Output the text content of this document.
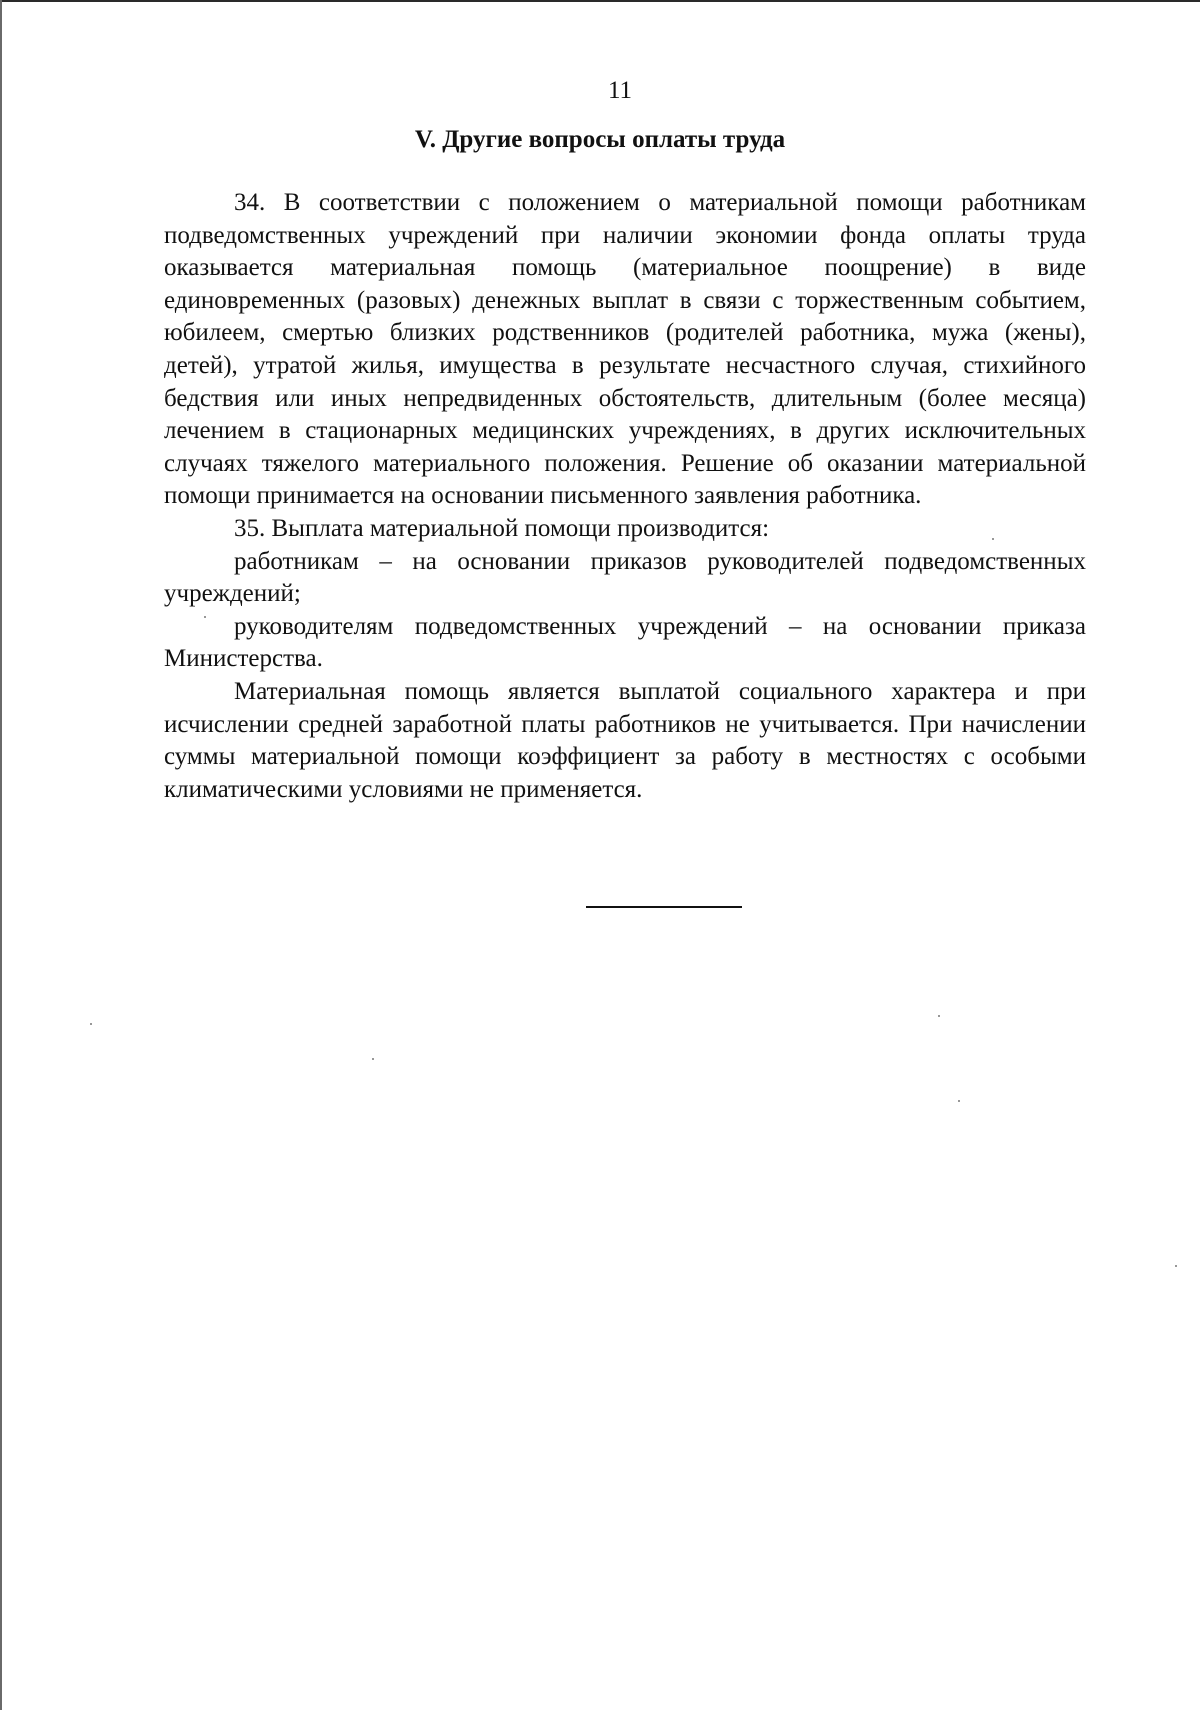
11
V. Другие вопросы оплаты труда

34. В соответствии с положением о материальной помощи работникам подведомственных учреждений при наличии экономии фонда оплаты труда оказывается материальная помощь (материальное поощрение) в виде единовременных (разовых) денежных выплат в связи с торжественным событием, юбилеем, смертью близких родственников (родителей работника, мужа (жены), детей), утратой жилья, имущества в результате несчастного случая, стихийного бедствия или иных непредвиденных обстоятельств, длительным (более месяца) лечением в стационарных медицинских учреждениях, в других исключительных случаях тяжелого материального положения. Решение об оказании материальной помощи принимается на основании письменного заявления работника.

35. Выплата материальной помощи производится:

работникам – на основании приказов руководителей подведомственных учреждений;

руководителям подведомственных учреждений – на основании приказа Министерства.

Материальная помощь является выплатой социального характера и при исчислении средней заработной платы работников не учитывается. При начислении суммы материальной помощи коэффициент за работу в местностях с особыми климатическими условиями не применяется.
